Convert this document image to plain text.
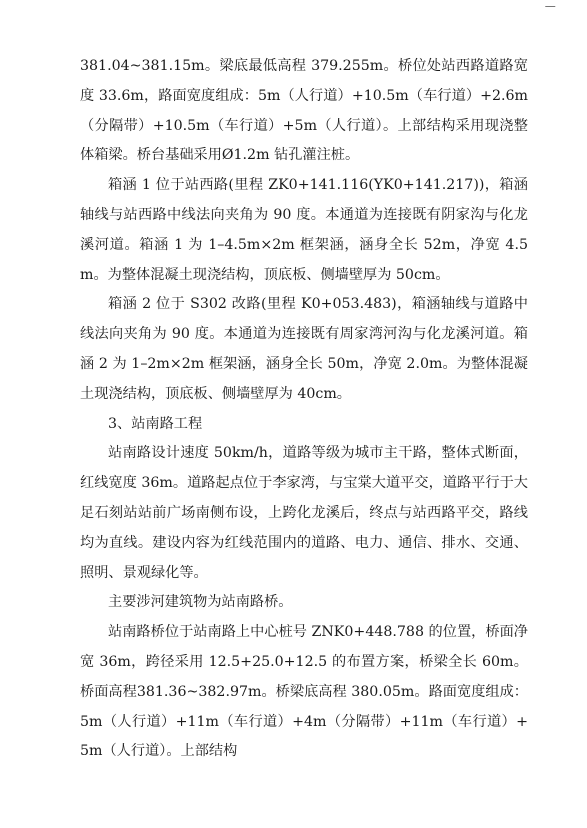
381.04~381.15m。梁底最低高程 379.255m。桥位处站西路道路宽度 33.6m，路面宽度组成：5m（人行道）+10.5m（车行道）+2.6m（分隔带）+10.5m（车行道）+5m（人行道）。上部结构采用现浇整体箱梁。桥台基础采用Ø1.2m 钻孔灌注桩。

箱涵 1 位于站西路(里程 ZK0+141.116(YK0+141.217))，箱涵轴线与站西路中线法向夹角为 90 度。本通道为连接既有阴家沟与化龙溪河道。箱涵 1 为 1–4.5m×2m 框架涵，涵身全长 52m，净宽 4.5m。为整体混凝土现浇结构，顶底板、侧墙壁厚为 50cm。

箱涵 2 位于 S302 改路(里程 K0+053.483)，箱涵轴线与道路中线法向夹角为 90 度。本通道为连接既有周家湾河沟与化龙溪河道。箱涵 2 为 1–2m×2m 框架涵，涵身全长 50m，净宽 2.0m。为整体混凝土现浇结构，顶底板、侧墙壁厚为 40cm。

3、站南路工程

站南路设计速度 50km/h，道路等级为城市主干路，整体式断面，红线宽度 36m。道路起点位于李家湾，与宝棠大道平交，道路平行于大足石刻站站前广场南侧布设，上跨化龙溪后，终点与站西路平交，路线均为直线。建设内容为红线范围内的道路、电力、通信、排水、交通、照明、景观绿化等。

主要涉河建筑物为站南路桥。

站南路桥位于站南路上中心桩号 ZNK0+448.788 的位置，桥面净宽 36m，跨径采用 12.5+25.0+12.5 的布置方案，桥梁全长 60m。桥面高程381.36~382.97m。桥梁底高程 380.05m。路面宽度组成：5m（人行道）+11m（车行道）+4m（分隔带）+11m（车行道）+5m（人行道）。上部结构
